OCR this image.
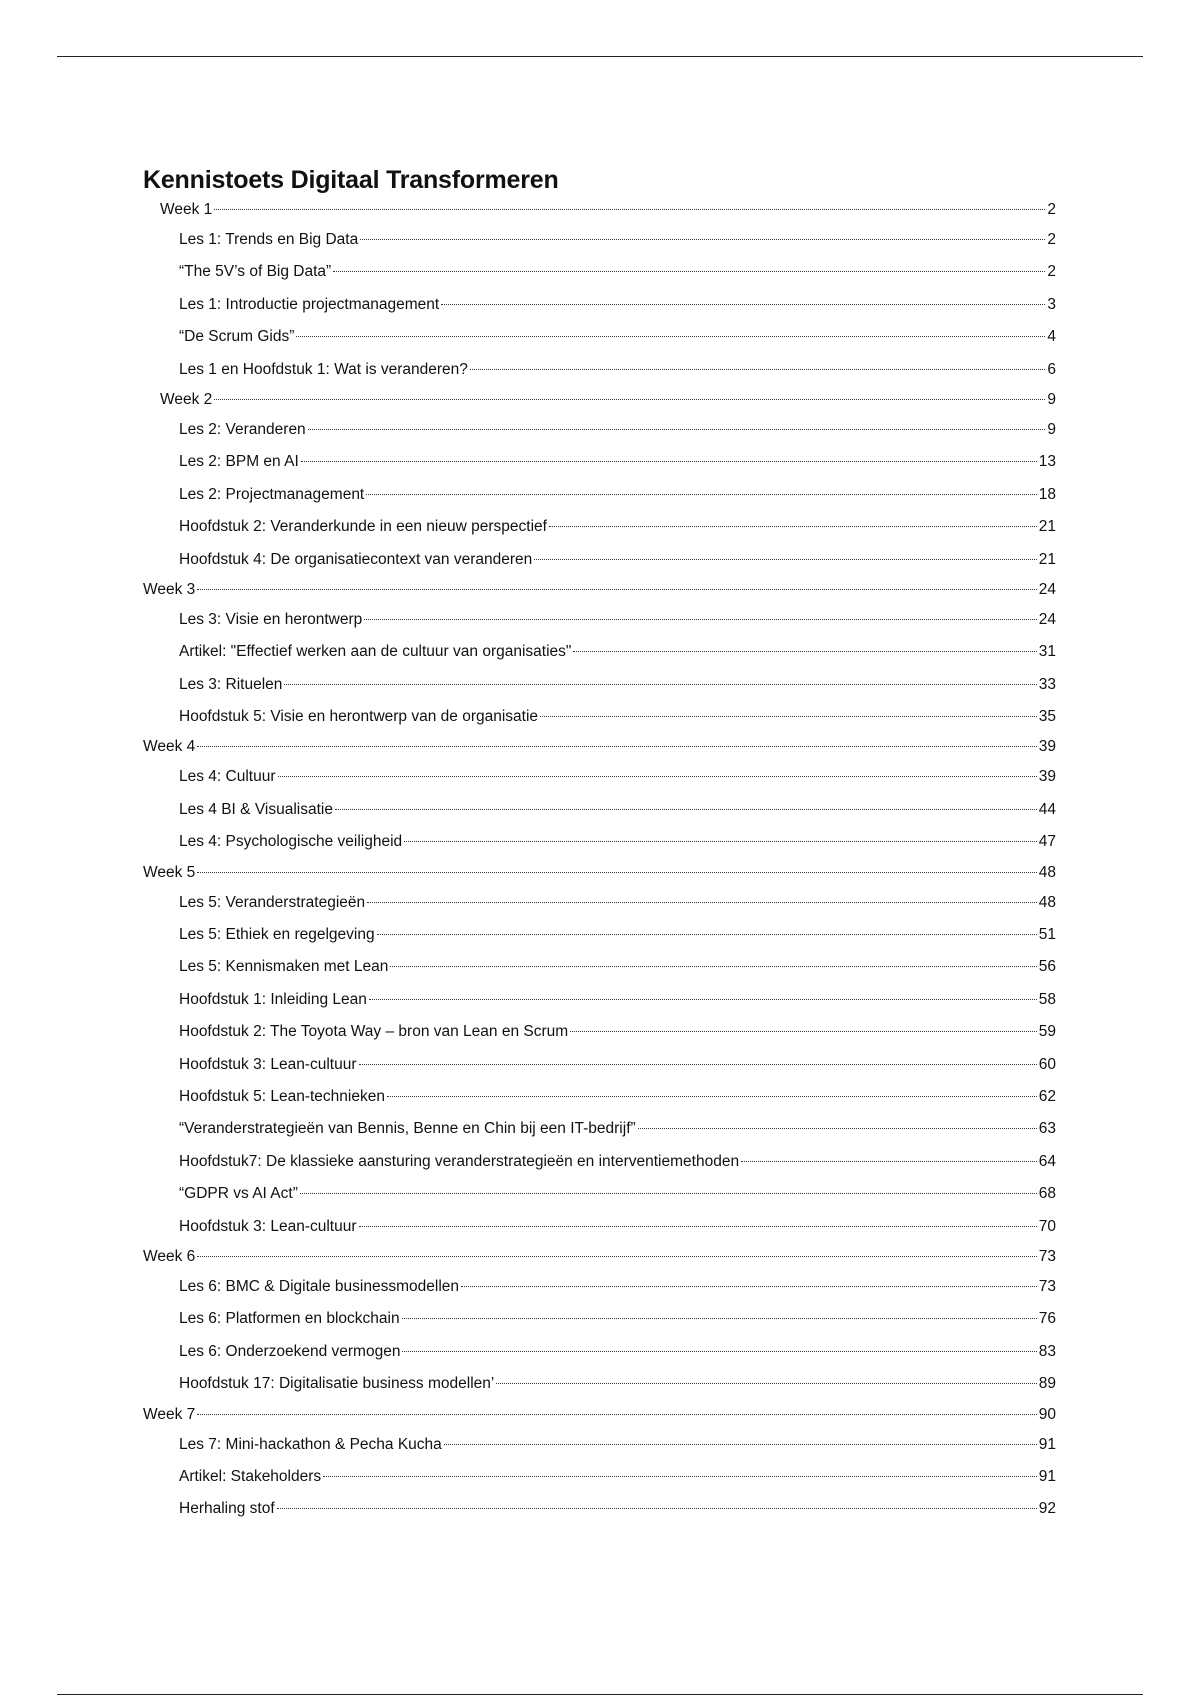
Kennistoets Digitaal Transformeren
Week 1	2
Les 1: Trends en Big Data	2
“The 5V’s of Big Data”	2
Les 1: Introductie projectmanagement	3
“De Scrum Gids”	4
Les 1 en Hoofdstuk 1: Wat is veranderen?	6
Week 2	9
Les 2: Veranderen	9
Les 2: BPM en AI	13
Les 2: Projectmanagement	18
Hoofdstuk 2: Veranderkunde in een nieuw perspectief	21
Hoofdstuk 4: De organisatiecontext van veranderen	21
Week 3	24
Les 3: Visie en herontwerp	24
Artikel: "Effectief werken aan de cultuur van organisaties"	31
Les 3: Rituelen	33
Hoofdstuk 5: Visie en herontwerp van de organisatie	35
Week 4	39
Les 4: Cultuur	39
Les 4 BI & Visualisatie	44
Les 4: Psychologische veiligheid	47
Week 5	48
Les 5: Veranderstrategieën	48
Les 5: Ethiek en regelgeving	51
Les 5: Kennismaken met Lean	56
Hoofdstuk 1: Inleiding Lean	58
Hoofdstuk 2: The Toyota Way – bron van Lean en Scrum	59
Hoofdstuk 3: Lean-cultuur	60
Hoofdstuk 5: Lean-technieken	62
“Veranderstrategieën van Bennis, Benne en Chin bij een IT-bedrijf”	63
Hoofdstuk7: De klassieke aansturing veranderstrategieën en interventiemethoden	64
“GDPR vs AI Act”	68
Hoofdstuk 3: Lean-cultuur	70
Week 6	73
Les 6: BMC & Digitale businessmodellen	73
Les 6: Platformen en blockchain	76
Les 6: Onderzoekend vermogen	83
Hoofdstuk 17: Digitalisatie business modellen’	89
Week 7	90
Les 7: Mini-hackathon & Pecha Kucha	91
Artikel: Stakeholders	91
Herhaling stof	92
